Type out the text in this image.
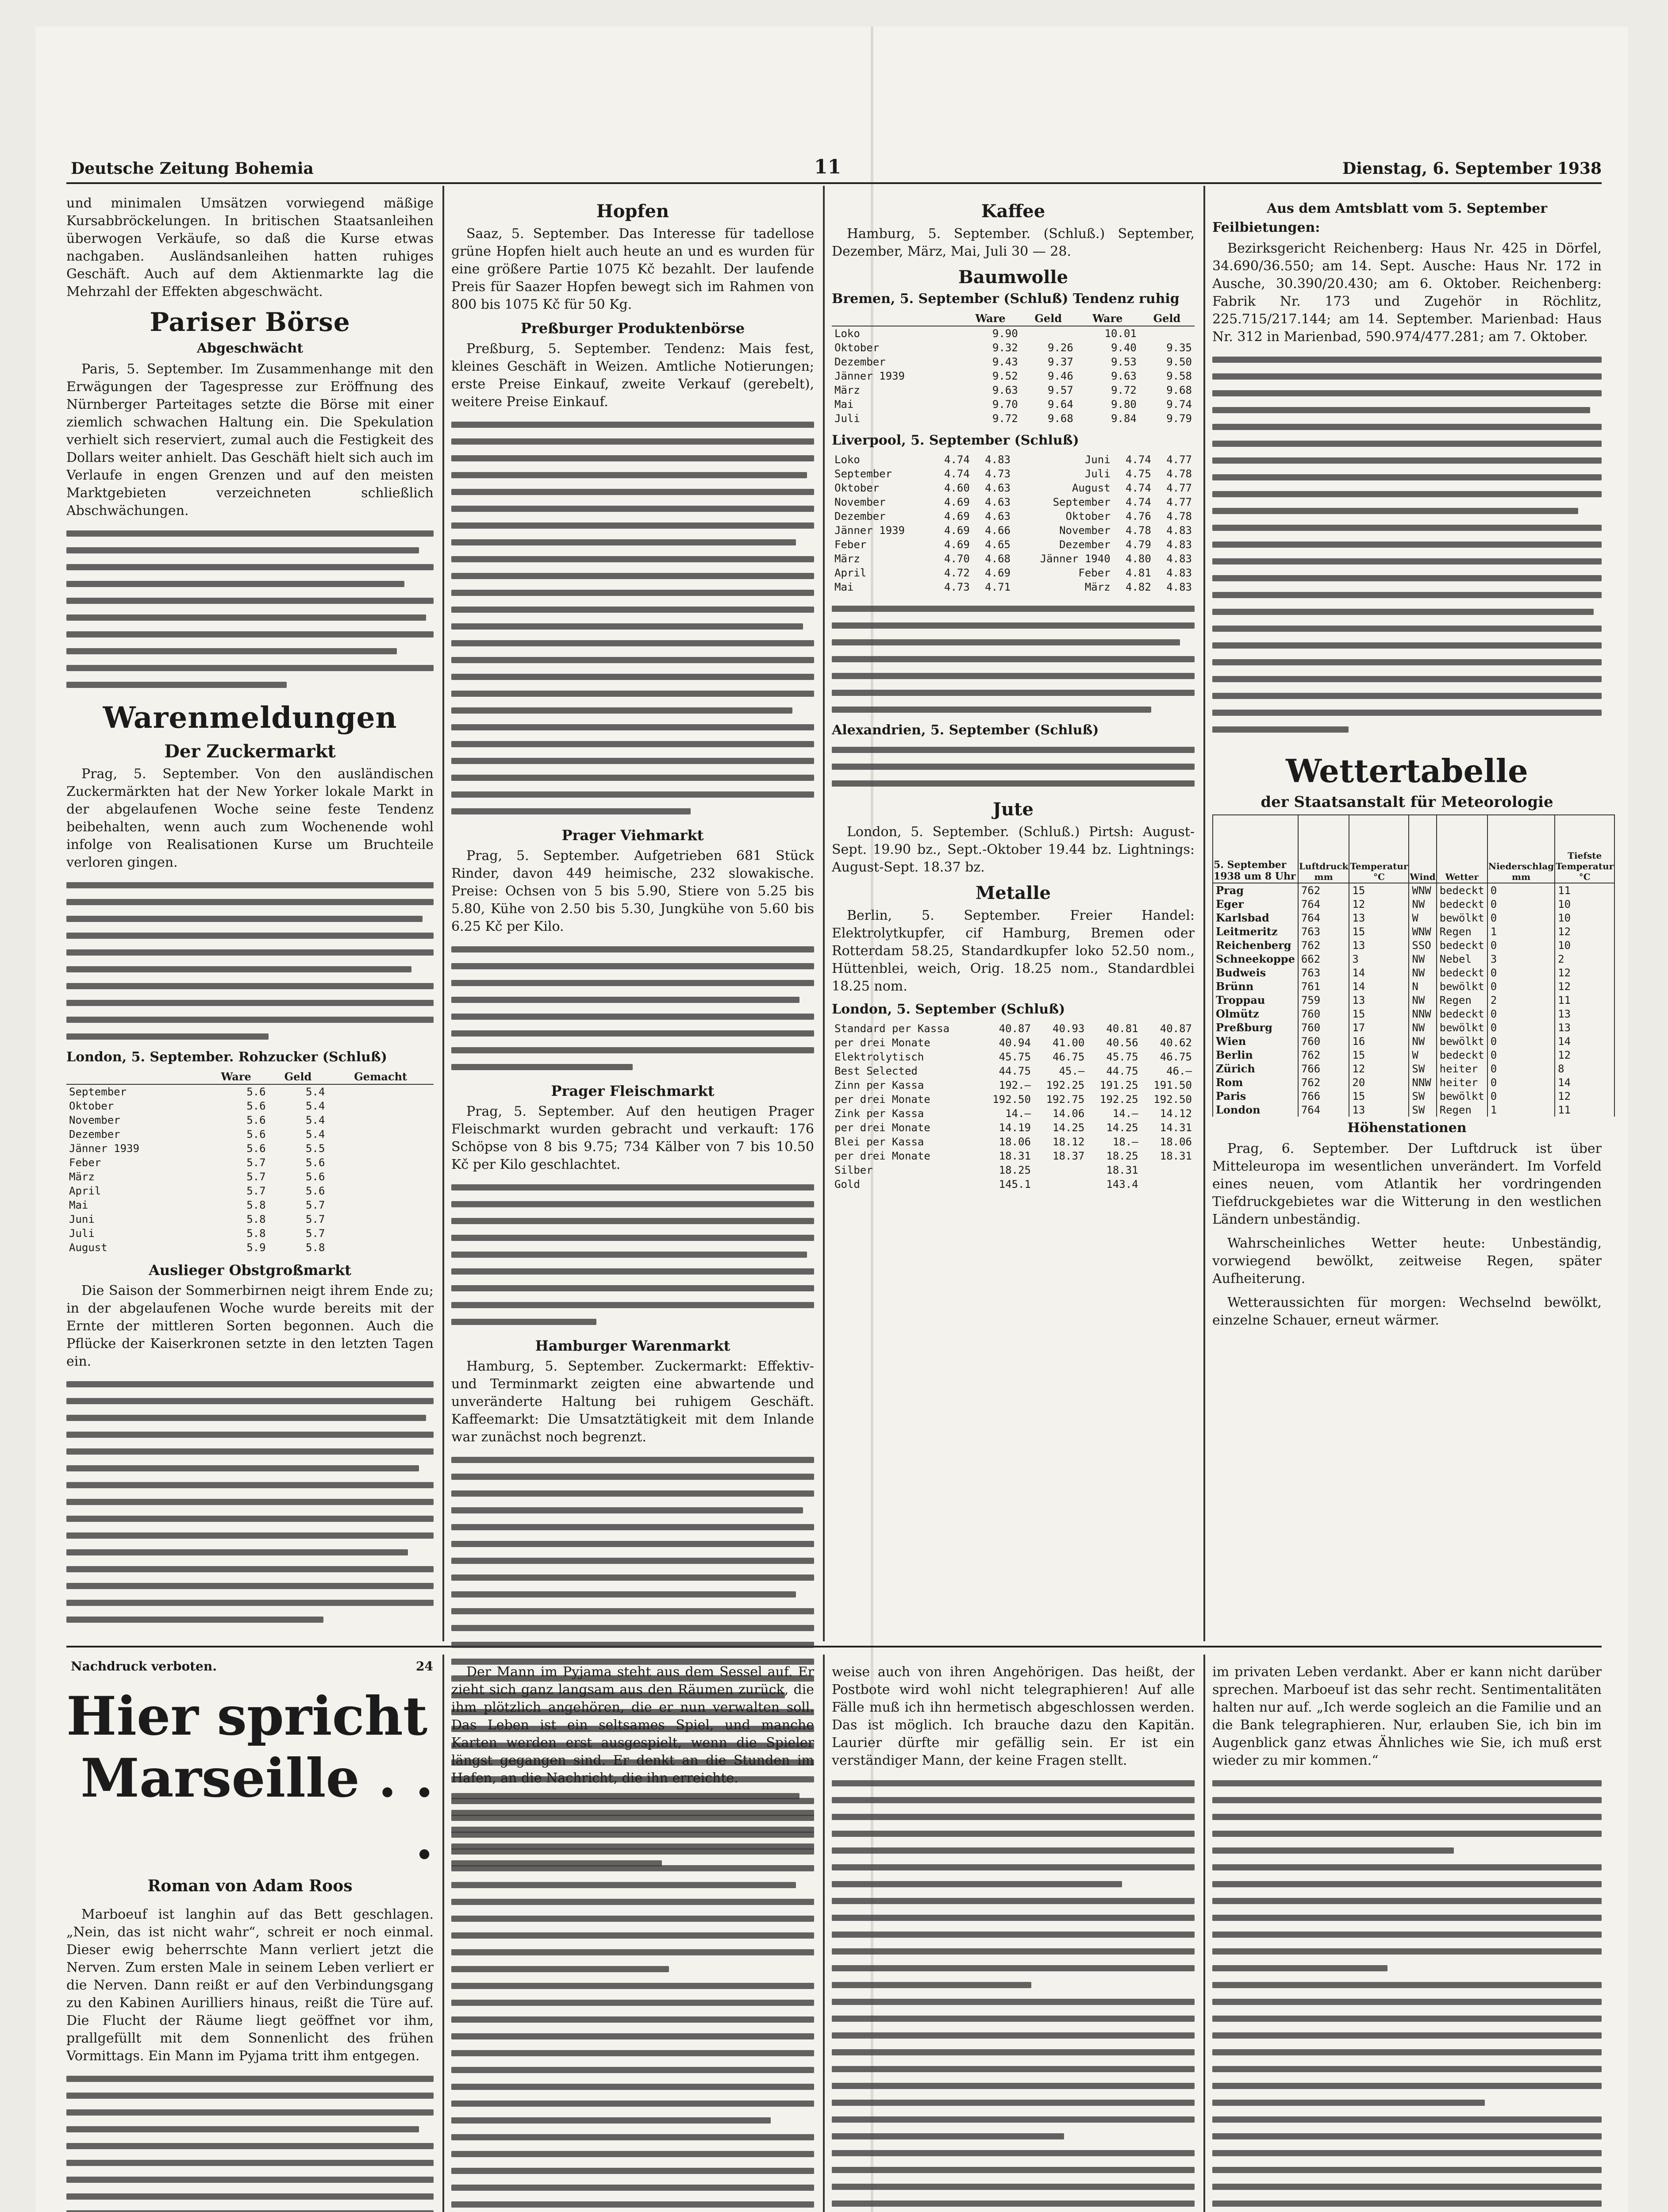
Deutsche Zeitung Bohemia	11	Dienstag, 6. September 1938

und minimalen Umsätzen vorwiegend mäßige Kursabbröckelungen. In britischen Staatsanleihen überwogen Verkäufe, so daß die Kurse etwas nachgaben. Ausländsanleihen hatten ruhiges Geschäft. Auch auf dem Aktienmarkte lag die Mehrzahl der Effekten abgeschwächt.

Pariser Börse
Abgeschwächt

Paris, 5. September. Im Zusammenhange mit den Erwägungen der Tagespresse zur Eröffnung des Nürnberger Parteitages setzte die Börse mit einer ziemlich schwachen Haltung ein. Die Spekulation verhielt sich reserviert, zumal auch die Festigkeit des Dollars weiter anhielt. Das Geschäft hielt sich auch im Verlaufe in engen Grenzen und auf den meisten Marktgebieten verzeichneten schließlich Abschwächungen.

Warenmeldungen
Der Zuckermarkt

Prag, 5. September. Von den ausländischen Zuckermärkten hat der New Yorker lokale Markt in der abgelaufenen Woche seine feste Tendenz beibehalten, wenn auch zum Wochenende wohl infolge von Realisationen Kurse um Bruchteile verloren gingen.

London, 5. September. Rohzucker (Schluß)
	Ware	Geld	Gemacht
September	5.6	5.4	
Oktober	5.6	5.4	
November	5.6	5.4	
Dezember	5.6	5.4	
Jänner 1939	5.6	5.5	
Feber	5.7	5.6	
März	5.7	5.6	
April	5.7	5.6	
Mai	5.8	5.7	
Juni	5.8	5.7	
Juli	5.8	5.7	
August	5.9	5.8	
Auslieger Obstgroßmarkt

Die Saison der Sommerbirnen neigt ihrem Ende zu; in der abgelaufenen Woche wurde bereits mit der Ernte der mittleren Sorten begonnen. Auch die Pflücke der Kaiserkronen setzte in den letzten Tagen ein.

Hopfen

Saaz, 5. September. Das Interesse für tadellose grüne Hopfen hielt auch heute an und es wurden für eine größere Partie 1075 Kč bezahlt. Der laufende Preis für Saazer Hopfen bewegt sich im Rahmen von 800 bis 1075 Kč für 50 Kg.

Preßburger Produktenbörse

Preßburg, 5. September. Tendenz: Mais fest, kleines Geschäft in Weizen. Amtliche Notierungen; erste Preise Einkauf, zweite Verkauf (gerebelt), weitere Preise Einkauf.

Prager Viehmarkt

Prag, 5. September. Aufgetrieben 681 Stück Rinder, davon 449 heimische, 232 slowakische. Preise: Ochsen von 5 bis 5.90, Stiere von 5.25 bis 5.80, Kühe von 2.50 bis 5.30, Jungkühe von 5.60 bis 6.25 Kč per Kilo.

Prager Fleischmarkt

Prag, 5. September. Auf den heutigen Prager Fleischmarkt wurden gebracht und verkauft: 176 Schöpse von 8 bis 9.75; 734 Kälber von 7 bis 10.50 Kč per Kilo geschlachtet.

Hamburger Warenmarkt

Hamburg, 5. September. Zuckermarkt: Effektiv- und Terminmarkt zeigten eine abwartende und unveränderte Haltung bei ruhigem Geschäft. Kaffeemarkt: Die Umsatztätigkeit mit dem Inlande war zunächst noch begrenzt.

Kaffee

Hamburg, 5. September. (Schluß.) September, Dezember, März, Mai, Juli 30 — 28.

Baumwolle
Bremen, 5. September (Schluß) Tendenz ruhig
	Ware	Geld	Ware	Geld
Loko	9.90		10.01	
Oktober	9.32	9.26	9.40	9.35
Dezember	9.43	9.37	9.53	9.50
Jänner 1939	9.52	9.46	9.63	9.58
März	9.63	9.57	9.72	9.68
Mai	9.70	9.64	9.80	9.74
Juli	9.72	9.68	9.84	9.79
Liverpool, 5. September (Schluß)
Loko	4.74	4.83	Juni	4.74	4.77
September	4.74	4.73	Juli	4.75	4.78
Oktober	4.60	4.63	August	4.74	4.77
November	4.69	4.63	September	4.74	4.77
Dezember	4.69	4.63	Oktober	4.76	4.78
Jänner 1939	4.69	4.66	November	4.78	4.83
Feber	4.69	4.65	Dezember	4.79	4.83
März	4.70	4.68	Jänner 1940	4.80	4.83
April	4.72	4.69	Feber	4.81	4.83
Mai	4.73	4.71	März	4.82	4.83
Alexandrien, 5. September (Schluß)
Jute

London, 5. September. (Schluß.) Pirtsh: August-Sept. 19.90 bz., Sept.-Oktober 19.44 bz. Lightnings: August-Sept. 18.37 bz.

Metalle

Berlin, 5. September. Freier Handel: Elektrolytkupfer, cif Hamburg, Bremen oder Rotterdam 58.25, Standardkupfer loko 52.50 nom., Hüttenblei, weich, Orig. 18.25 nom., Standardblei 18.25 nom.

London, 5. September (Schluß)
Standard per Kassa	40.87	40.93	40.81	40.87
per drei Monate	40.94	41.00	40.56	40.62
Elektrolytisch	45.75	46.75	45.75	46.75
Best Selected	44.75	45.—	44.75	46.—
Zinn per Kassa	192.—	192.25	191.25	191.50
per drei Monate	192.50	192.75	192.25	192.50
Zink per Kassa	14.—	14.06	14.—	14.12
per drei Monate	14.19	14.25	14.25	14.31
Blei per Kassa	18.06	18.12	18.—	18.06
per drei Monate	18.31	18.37	18.25	18.31
Silber	18.25		18.31	
Gold	145.1		143.4	
Aus dem Amtsblatt vom 5. September
Feilbietungen:

Bezirksgericht Reichenberg: Haus Nr. 425 in Dörfel, 34.690/36.550; am 14. Sept. Ausche: Haus Nr. 172 in Ausche, 30.390/20.430; am 6. Oktober. Reichenberg: Fabrik Nr. 173 und Zugehör in Röchlitz, 225.715/217.144; am 14. September. Marienbad: Haus Nr. 312 in Marienbad, 590.974/477.281; am 7. Oktober.

Wettertabelle
der Staatsanstalt für Meteorologie
5. September 1938 um 8 Uhr	Luftdruck mm	Temperatur °C	Wind	Wetter	Niederschlag mm	Tiefste Temperatur °C
Prag	762	15	WNW	bedeckt	0	11
Eger	764	12	NW	bedeckt	0	10
Karlsbad	764	13	W	bewölkt	0	10
Leitmeritz	763	15	WNW	Regen	1	12
Reichenberg	762	13	SSO	bedeckt	0	10
Schneekoppe	662	3	NW	Nebel	3	2
Budweis	763	14	NW	bedeckt	0	12
Brünn	761	14	N	bewölkt	0	12
Troppau	759	13	NW	Regen	2	11
Olmütz	760	15	NNW	bedeckt	0	13
Preßburg	760	17	NW	bewölkt	0	13
Wien	760	16	NW	bewölkt	0	14
Berlin	762	15	W	bedeckt	0	12
Zürich	766	12	SW	heiter	0	8
Rom	762	20	NNW	heiter	0	14
Paris	766	15	SW	bewölkt	0	12
London	764	13	SW	Regen	1	11
Höhenstationen

Prag, 6. September. Der Luftdruck ist über Mitteleuropa im wesentlichen unverändert. Im Vorfeld eines neuen, vom Atlantik her vordringenden Tiefdruckgebietes war die Witterung in den westlichen Ländern unbeständig.

Wahrscheinliches Wetter heute: Unbeständig, vorwiegend bewölkt, zeitweise Regen, später Aufheiterung.

Wetteraussichten für morgen: Wechselnd bewölkt, einzelne Schauer, erneut wärmer.

Nachdruck verboten.	24
Hier spricht
Marseille . . .
Roman von Adam Roos

Marboeuf ist langhin auf das Bett geschlagen. „Nein, das ist nicht wahr“, schreit er noch einmal. Dieser ewig beherrschte Mann verliert jetzt die Nerven. Zum ersten Male in seinem Leben verliert er die Nerven. Dann reißt er auf den Verbindungsgang zu den Kabinen Aurilliers hinaus, reißt die Türe auf. Die Flucht der Räume liegt geöffnet vor ihm, prallgefüllt mit dem Sonnenlicht des frühen Vormittags. Ein Mann im Pyjama tritt ihm entgegen.

Der Mann im Pyjama steht aus dem Sessel auf. Er zieht sich ganz langsam aus den Räumen zurück, die ihm plötzlich angehören, die er nun verwalten soll. Das Leben ist ein seltsames Spiel, und manche Karten werden erst ausgespielt, wenn die Spieler längst gegangen sind. Er denkt an die Stunden im Hafen, an die Nachricht, die ihn erreichte.

weise auch von ihren Angehörigen. Das heißt, der Postbote wird wohl nicht telegraphieren! Auf alle Fälle muß ich ihn hermetisch abgeschlossen werden. Das ist möglich. Ich brauche dazu den Kapitän. Laurier dürfte mir gefällig sein. Er ist ein verständiger Mann, der keine Fragen stellt.

im privaten Leben verdankt. Aber er kann nicht darüber sprechen. Marboeuf ist das sehr recht. Sentimentalitäten halten nur auf. „Ich werde sogleich an die Familie und an die Bank telegraphieren. Nur, erlauben Sie, ich bin im Augenblick ganz etwas Ähnliches wie Sie, ich muß erst wieder zu mir kommen.“
